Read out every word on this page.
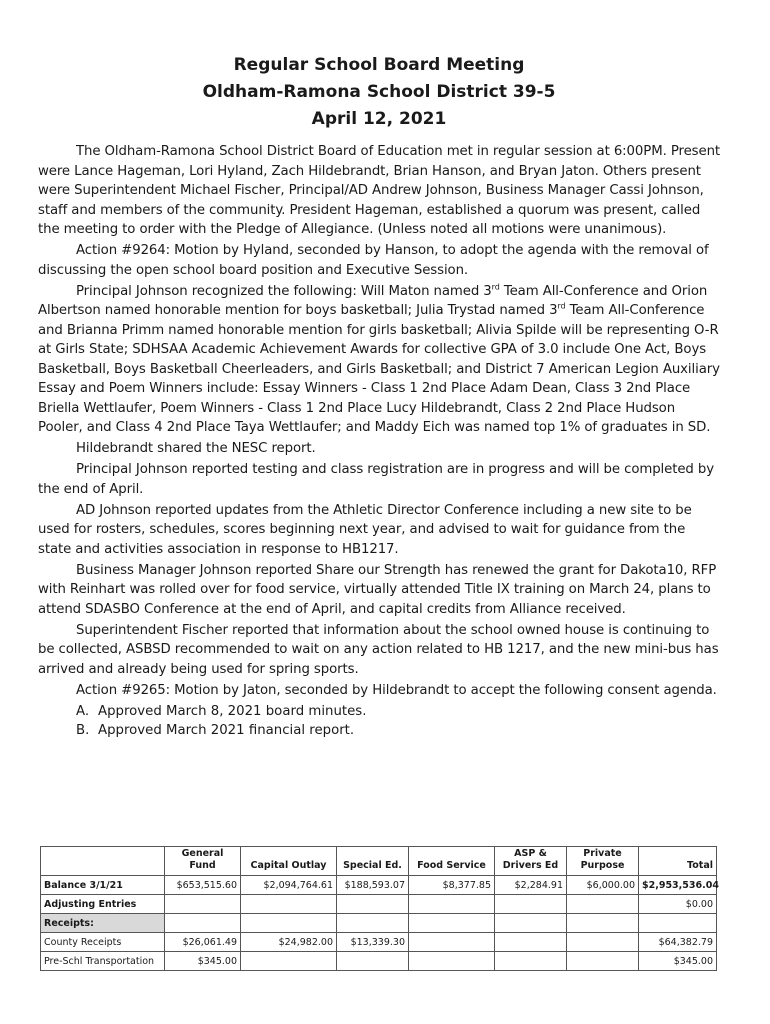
Regular School Board Meeting

Oldham-Ramona School District 39-5

April 12, 2021

The Oldham-Ramona School District Board of Education met in regular session at 6:00PM. Present were Lance Hageman, Lori Hyland, Zach Hildebrandt, Brian Hanson, and Bryan Jaton. Others present were Superintendent Michael Fischer, Principal/AD Andrew Johnson, Business Manager Cassi Johnson, staff and members of the community. President Hageman, established a quorum was present, called the meeting to order with the Pledge of Allegiance. (Unless noted all motions were unanimous).

Action #9264: Motion by Hyland, seconded by Hanson, to adopt the agenda with the removal of discussing the open school board position and Executive Session.

Principal Johnson recognized the following: Will Maton named 3rd Team All-Conference and Orion Albertson named honorable mention for boys basketball; Julia Trystad named 3rd Team All-Conference and Brianna Primm named honorable mention for girls basketball; Alivia Spilde will be representing O-R at Girls State; SDHSAA Academic Achievement Awards for collective GPA of 3.0 include One Act, Boys Basketball, Boys Basketball Cheerleaders, and Girls Basketball; and District 7 American Legion Auxiliary Essay and Poem Winners include: Essay Winners - Class 1 2nd Place Adam Dean, Class 3 2nd Place Briella Wettlaufer, Poem Winners - Class 1 2nd Place Lucy Hildebrandt, Class 2 2nd Place Hudson Pooler, and Class 4 2nd Place Taya Wettlaufer; and Maddy Eich was named top 1% of graduates in SD.

Hildebrandt shared the NESC report.

Principal Johnson reported testing and class registration are in progress and will be completed by the end of April.

AD Johnson reported updates from the Athletic Director Conference including a new site to be used for rosters, schedules, scores beginning next year, and advised to wait for guidance from the state and activities association in response to HB1217.

Business Manager Johnson reported Share our Strength has renewed the grant for Dakota10, RFP with Reinhart was rolled over for food service, virtually attended Title IX training on March 24, plans to attend SDASBO Conference at the end of April, and capital credits from Alliance received.

Superintendent Fischer reported that information about the school owned house is continuing to be collected, ASBSD recommended to wait on any action related to HB 1217, and the new mini-bus has arrived and already being used for spring sports.

Action #9265: Motion by Jaton, seconded by Hildebrandt to accept the following consent agenda.

A. Approved March 8, 2021 board minutes.
B. Approved March 2021 financial report.
	General Fund	Capital Outlay	Special Ed.	Food Service	ASP & Drivers Ed	Private Purpose	Total
Balance 3/1/21	$653,515.60	$2,094,764.61	$188,593.07	$8,377.85	$2,284.91	$6,000.00	$2,953,536.04
Adjusting Entries							$0.00
Receipts:							
County Receipts	$26,061.49	$24,982.00	$13,339.30				$64,382.79
Pre-Schl Transportation	$345.00						$345.00
